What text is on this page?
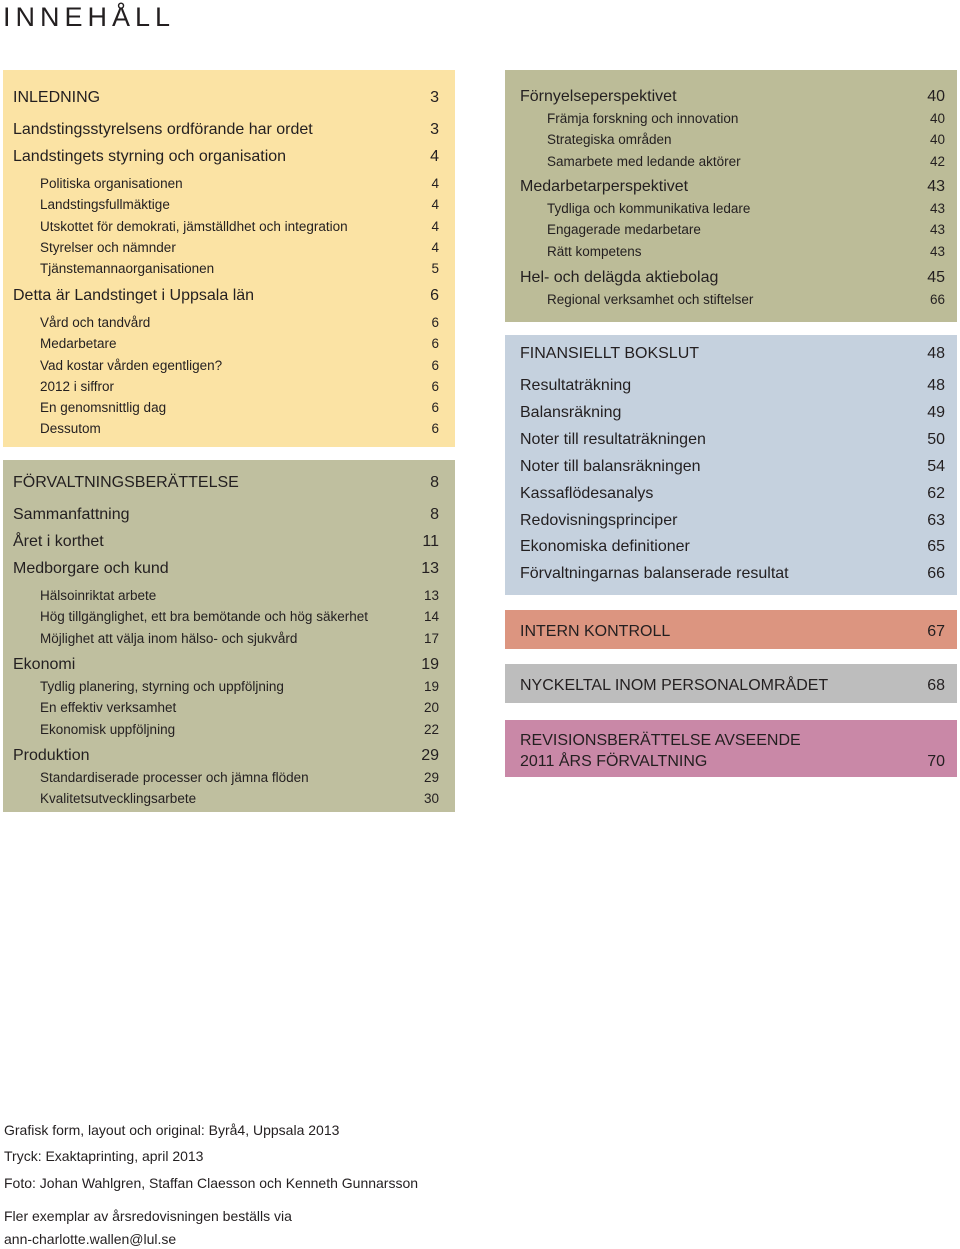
INNEHÅLL
INLEDNING	3
Landstingsstyrelsens ordförande har ordet	3
Landstingets styrning och organisation	4
Politiska organisationen	4
Landstingsfullmäktige	4
Utskottet för demokrati, jämställdhet och integration	4
Styrelser och nämnder	4
Tjänstemannaorganisationen	5
Detta är Landstinget i Uppsala län	6
Vård och tandvård	6
Medarbetare	6
Vad kostar vården egentligen?	6
2012 i siffror	6
En genomsnittlig dag	6
Dessutom	6
FÖRVALTNINGSBERÄTTELSE	8
Sammanfattning	8
Året i korthet	11
Medborgare och kund	13
Hälsoinriktat arbete	13
Hög tillgänglighet, ett bra bemötande och hög säkerhet	14
Möjlighet att välja inom hälso- och sjukvård	17
Ekonomi	19
Tydlig planering, styrning och uppföljning	19
En effektiv verksamhet	20
Ekonomisk uppföljning	22
Produktion	29
Standardiserade processer och jämna flöden	29
Kvalitetsutvecklingsarbete	30
Förnyelseperspektivet	40
Främja forskning och innovation	40
Strategiska områden	40
Samarbete med ledande aktörer	42
Medarbetarperspektivet	43
Tydliga och kommunikativa ledare	43
Engagerade medarbetare	43
Rätt kompetens	43
Hel- och delägda aktiebolag	45
Regional verksamhet och stiftelser	66
FINANSIELLT BOKSLUT	48
Resultaträkning	48
Balansräkning	49
Noter till resultaträkningen	50
Noter till balansräkningen	54
Kassaflödesanalys	62
Redovisningsprinciper	63
Ekonomiska definitioner	65
Förvaltningarnas balanserade resultat	66
INTERN KONTROLL	67
NYCKELTAL INOM PERSONALOMRÅDET	68
REVISIONSBERÄTTELSE AVSEENDE
2011 ÅRS FÖRVALTNING	70
Grafisk form, layout och original: Byrå4, Uppsala 2013
Tryck: Exaktaprinting, april 2013
Foto: Johan Wahlgren, Staffan Claesson och Kenneth Gunnarsson
Fler exemplar av årsredovisningen beställs via
ann-charlotte.wallen@lul.se
